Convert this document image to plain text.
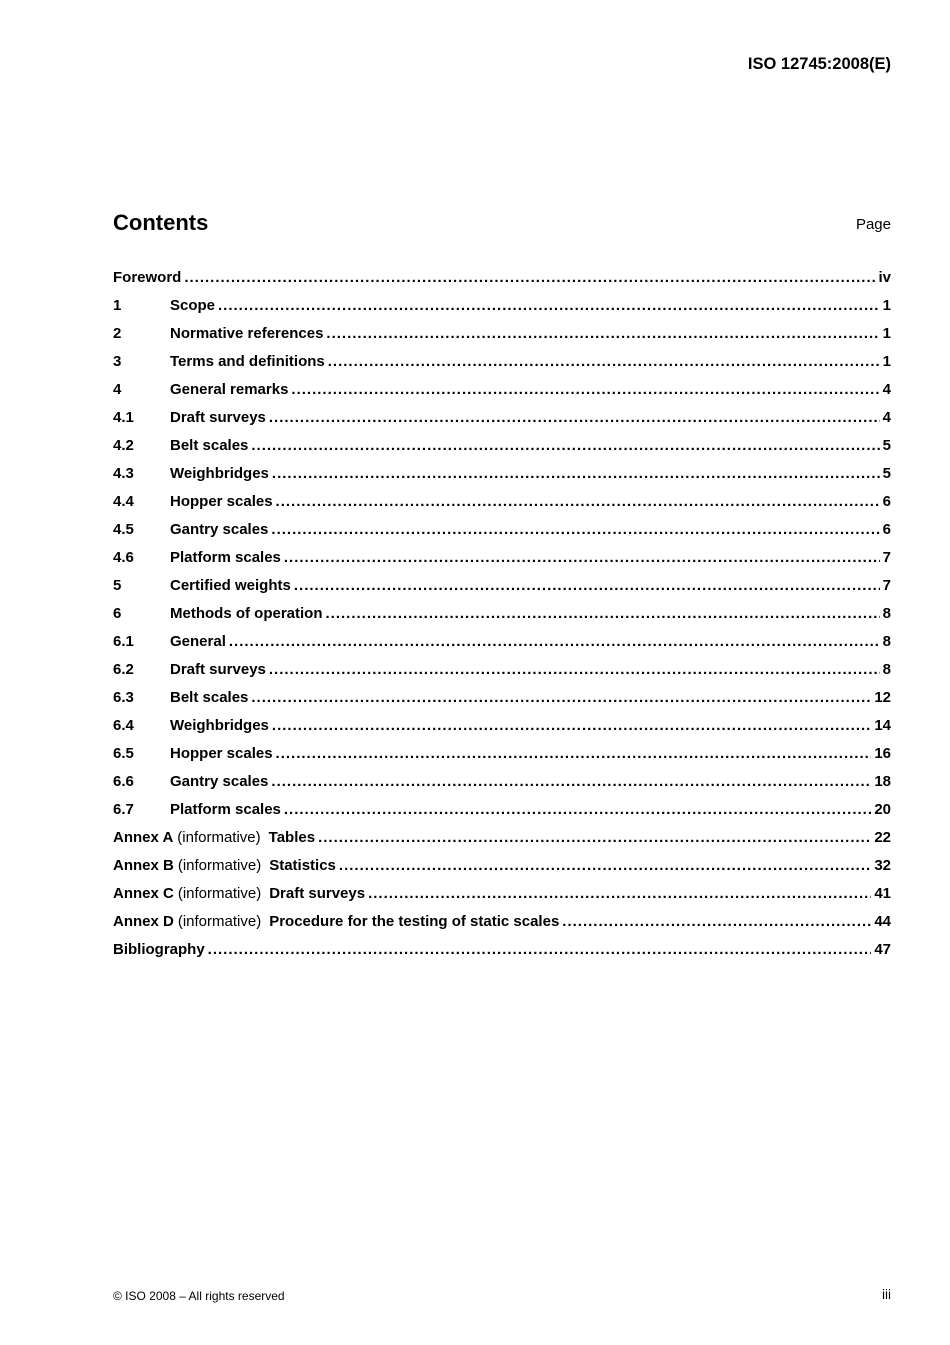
ISO 12745:2008(E)
Contents	Page
Foreword .....	iv
1	Scope .....	1
2	Normative references .....	1
3	Terms and definitions .....	1
4	General remarks .....	4
4.1	Draft surveys .....	4
4.2	Belt scales .....	5
4.3	Weighbridges .....	5
4.4	Hopper scales .....	6
4.5	Gantry scales .....	6
4.6	Platform scales .....	7
5	Certified weights .....	7
6	Methods of operation .....	8
6.1	General .....	8
6.2	Draft surveys .....	8
6.3	Belt scales .....	12
6.4	Weighbridges .....	14
6.5	Hopper scales .....	16
6.6	Gantry scales .....	18
6.7	Platform scales .....	20
Annex A (informative) Tables .....	22
Annex B (informative) Statistics .....	32
Annex C (informative) Draft surveys .....	41
Annex D (informative) Procedure for the testing of static scales .....	44
Bibliography .....	47
© ISO 2008 – All rights reserved	iii
